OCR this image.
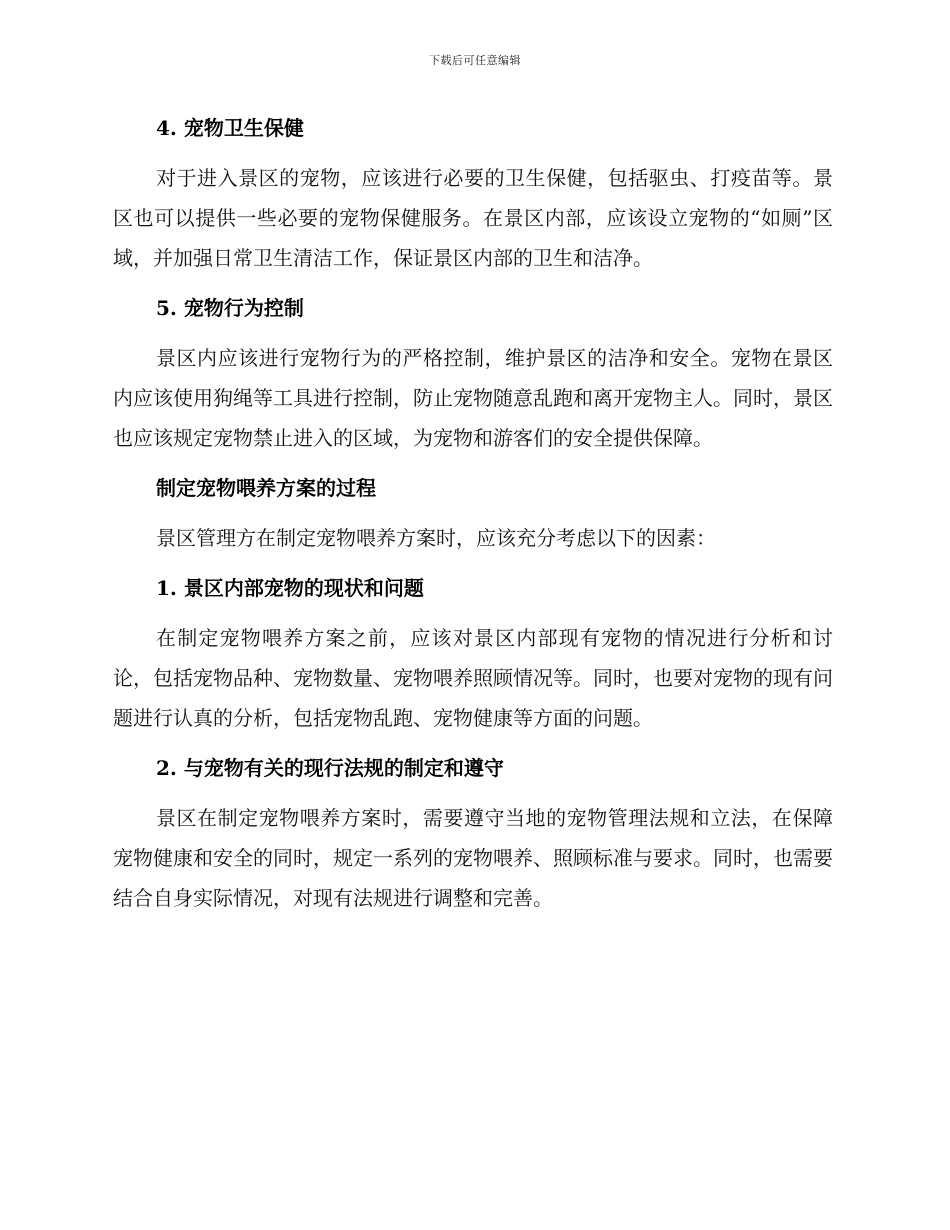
下载后可任意编辑
4. 宠物卫生保健

对于进入景区的宠物，应该进行必要的卫生保健，包括驱虫、打疫苗等。景区也可以提供一些必要的宠物保健服务。在景区内部，应该设立宠物的“如厕”区域，并加强日常卫生清洁工作，保证景区内部的卫生和洁净。

5. 宠物行为控制

景区内应该进行宠物行为的严格控制，维护景区的洁净和安全。宠物在景区内应该使用狗绳等工具进行控制，防止宠物随意乱跑和离开宠物主人。同时，景区也应该规定宠物禁止进入的区域，为宠物和游客们的安全提供保障。

制定宠物喂养方案的过程

景区管理方在制定宠物喂养方案时，应该充分考虑以下的因素：

1. 景区内部宠物的现状和问题

在制定宠物喂养方案之前，应该对景区内部现有宠物的情况进行分析和讨论，包括宠物品种、宠物数量、宠物喂养照顾情况等。同时，也要对宠物的现有问题进行认真的分析，包括宠物乱跑、宠物健康等方面的问题。

2. 与宠物有关的现行法规的制定和遵守

景区在制定宠物喂养方案时，需要遵守当地的宠物管理法规和立法，在保障宠物健康和安全的同时，规定一系列的宠物喂养、照顾标准与要求。同时，也需要结合自身实际情况，对现有法规进行调整和完善。
